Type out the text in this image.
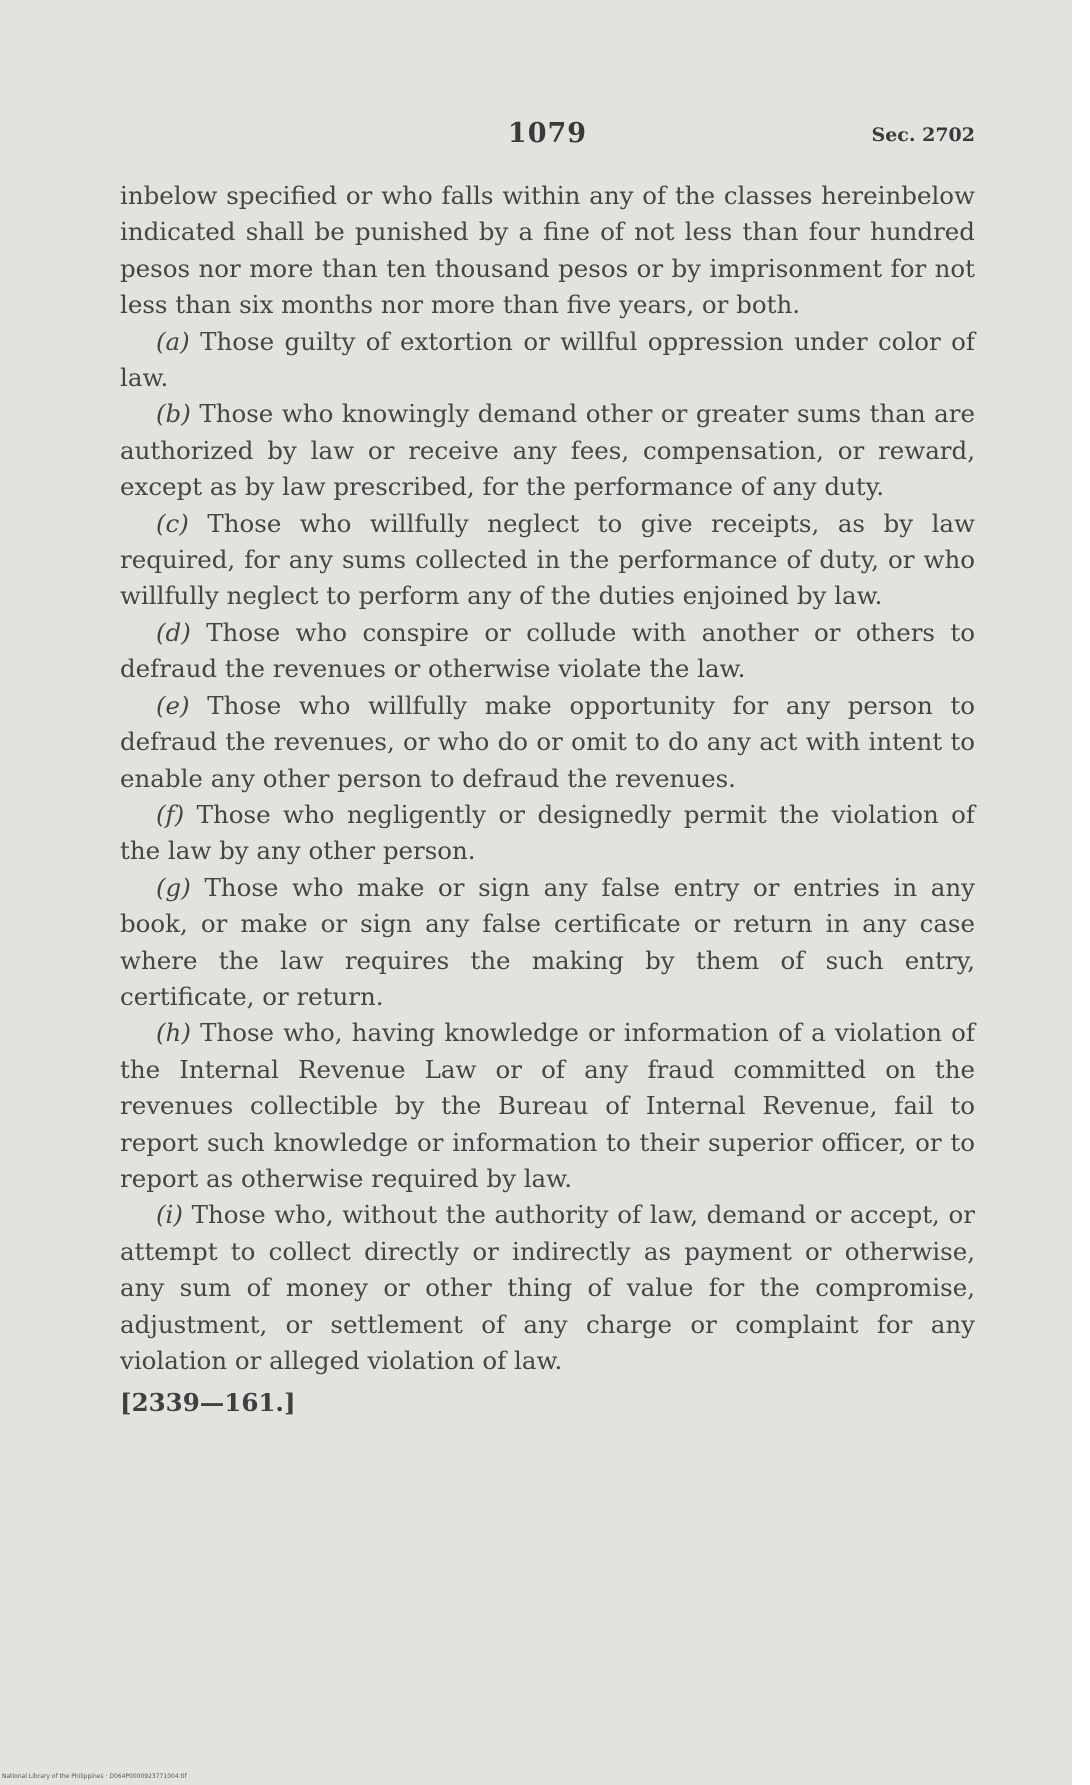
1079	Sec. 2702

inbelow specified or who falls within any of the classes hereinbelow indicated shall be punished by a fine of not less than four hundred pesos nor more than ten thousand pesos or by imprisonment for not less than six months nor more than five years, or both.

(a) Those guilty of extortion or willful oppression under color of law.

(b) Those who knowingly demand other or greater sums than are authorized by law or receive any fees, compensation, or reward, except as by law prescribed, for the performance of any duty.

(c) Those who willfully neglect to give receipts, as by law required, for any sums collected in the performance of duty, or who willfully neglect to perform any of the duties enjoined by law.

(d) Those who conspire or collude with another or others to defraud the revenues or otherwise violate the law.

(e) Those who willfully make opportunity for any person to defraud the revenues, or who do or omit to do any act with intent to enable any other person to defraud the revenues.

(f) Those who negligently or designedly permit the violation of the law by any other person.

(g) Those who make or sign any false entry or entries in any book, or make or sign any false certificate or return in any case where the law requires the making by them of such entry, certificate, or return.

(h) Those who, having knowledge or information of a violation of the Internal Revenue Law or of any fraud committed on the revenues collectible by the Bureau of Internal Revenue, fail to report such knowledge or information to their superior officer, or to report as otherwise required by law.

(i) Those who, without the authority of law, demand or accept, or attempt to collect directly or indirectly as payment or otherwise, any sum of money or other thing of value for the compromise, adjustment, or settlement of any charge or complaint for any violation or alleged violation of law.

[2339—161.]

National Library of the Philippines · D064P0000923771004.tif
